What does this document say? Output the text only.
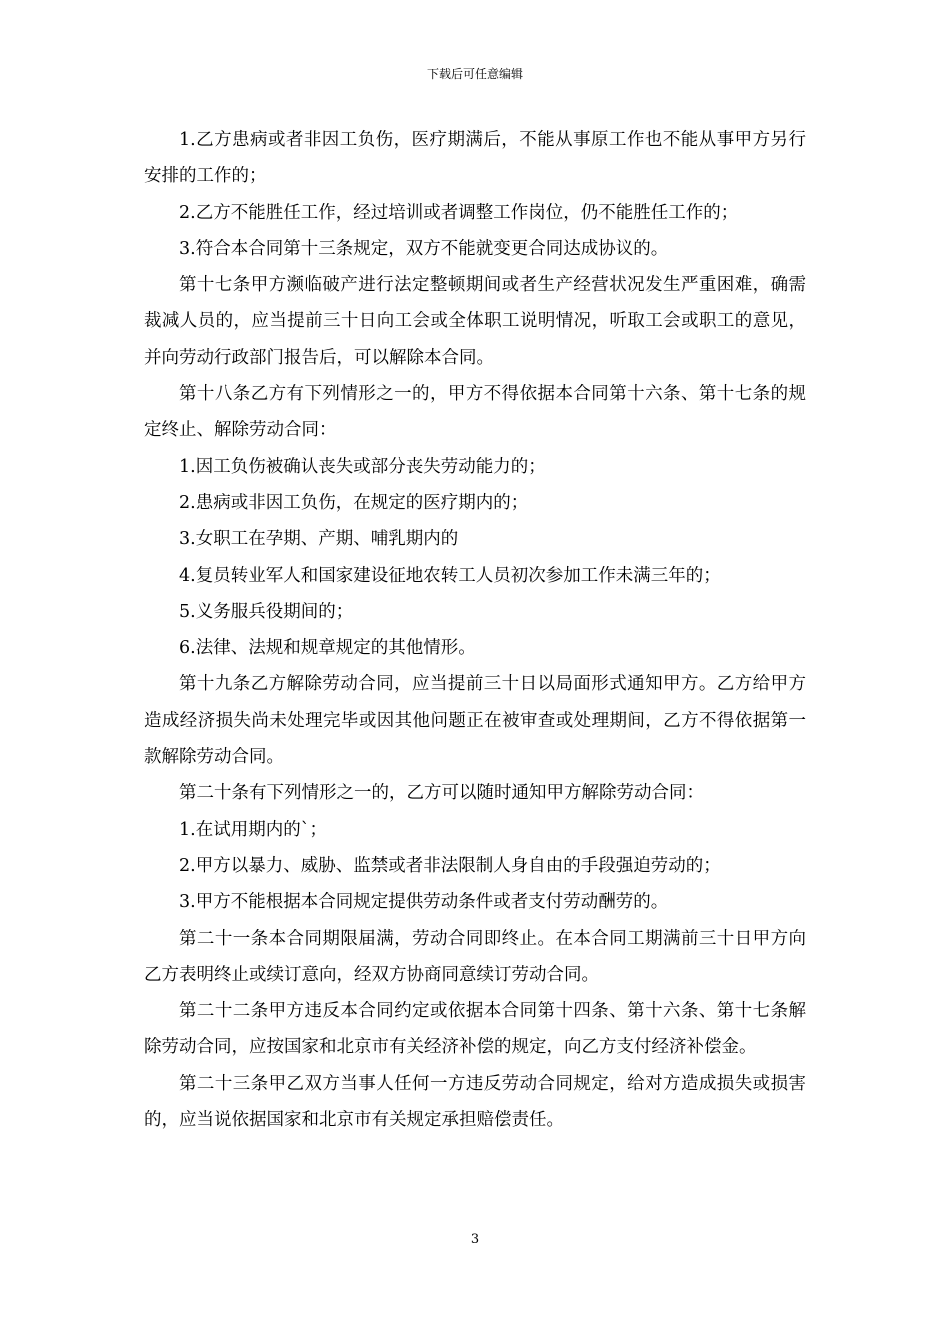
下载后可任意编辑

1.乙方患病或者非因工负伤，医疗期满后，不能从事原工作也不能从事甲方另行安排的工作的；

2.乙方不能胜任工作，经过培训或者调整工作岗位，仍不能胜任工作的；

3.符合本合同第十三条规定，双方不能就变更合同达成协议的。

第十七条甲方濒临破产进行法定整顿期间或者生产经营状况发生严重困难，确需裁减人员的，应当提前三十日向工会或全体职工说明情况，听取工会或职工的意见，并向劳动行政部门报告后，可以解除本合同。

第十八条乙方有下列情形之一的，甲方不得依据本合同第十六条、第十七条的规定终止、解除劳动合同：

1.因工负伤被确认丧失或部分丧失劳动能力的；

2.患病或非因工负伤，在规定的医疗期内的；

3.女职工在孕期、产期、哺乳期内的

4.复员转业军人和国家建设征地农转工人员初次参加工作未满三年的；

5.义务服兵役期间的；

6.法律、法规和规章规定的其他情形。

第十九条乙方解除劳动合同，应当提前三十日以局面形式通知甲方。乙方给甲方造成经济损失尚未处理完毕或因其他问题正在被审查或处理期间，乙方不得依据第一款解除劳动合同。

第二十条有下列情形之一的，乙方可以随时通知甲方解除劳动合同：

1.在试用期内的`；

2.甲方以暴力、威胁、监禁或者非法限制人身自由的手段强迫劳动的；

3.甲方不能根据本合同规定提供劳动条件或者支付劳动酬劳的。

第二十一条本合同期限届满，劳动合同即终止。在本合同工期满前三十日甲方向乙方表明终止或续订意向，经双方协商同意续订劳动合同。

第二十二条甲方违反本合同约定或依据本合同第十四条、第十六条、第十七条解除劳动合同，应按国家和北京市有关经济补偿的规定，向乙方支付经济补偿金。

第二十三条甲乙双方当事人任何一方违反劳动合同规定，给对方造成损失或损害的，应当说依据国家和北京市有关规定承担赔偿责任。

3
